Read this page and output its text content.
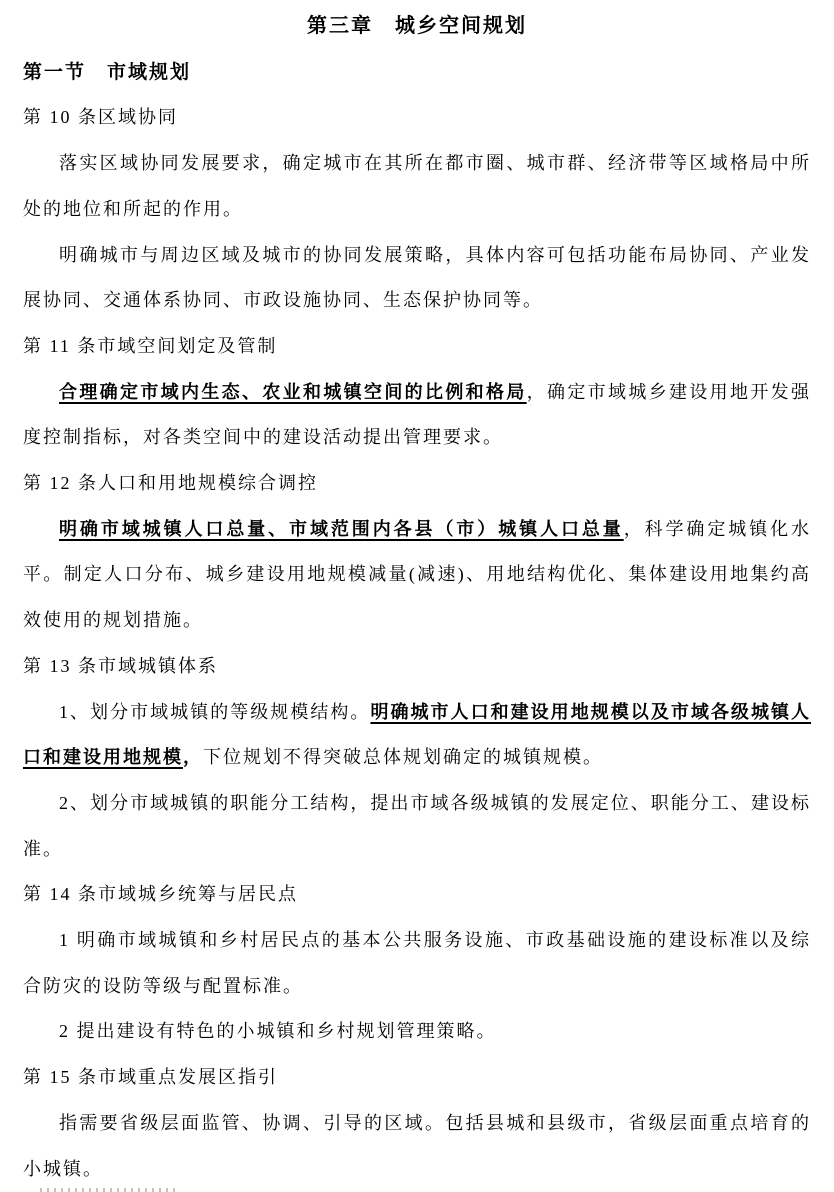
第三章　城乡空间规划
第一节　市域规划
第 10 条区域协同

落实区域协同发展要求，确定城市在其所在都市圈、城市群、经济带等区域格局中所处的地位和所起的作用。

明确城市与周边区域及城市的协同发展策略，具体内容可包括功能布局协同、产业发展协同、交通体系协同、市政设施协同、生态保护协同等。

第 11 条市域空间划定及管制

合理确定市域内生态、农业和城镇空间的比例和格局，确定市域城乡建设用地开发强度控制指标，对各类空间中的建设活动提出管理要求。

第 12 条人口和用地规模综合调控

明确市域城镇人口总量、市域范围内各县（市）城镇人口总量，科学确定城镇化水平。制定人口分布、城乡建设用地规模减量(减速)、用地结构优化、集体建设用地集约高效使用的规划措施。

第 13 条市域城镇体系

1、划分市域城镇的等级规模结构。明确城市人口和建设用地规模以及市域各级城镇人口和建设用地规模，下位规划不得突破总体规划确定的城镇规模。

2、划分市域城镇的职能分工结构，提出市域各级城镇的发展定位、职能分工、建设标准。

第 14 条市域城乡统筹与居民点

1 明确市域城镇和乡村居民点的基本公共服务设施、市政基础设施的建设标准以及综合防灾的设防等级与配置标准。

2 提出建设有特色的小城镇和乡村规划管理策略。

第 15 条市域重点发展区指引

指需要省级层面监管、协调、引导的区域。包括县城和县级市，省级层面重点培育的小城镇。
